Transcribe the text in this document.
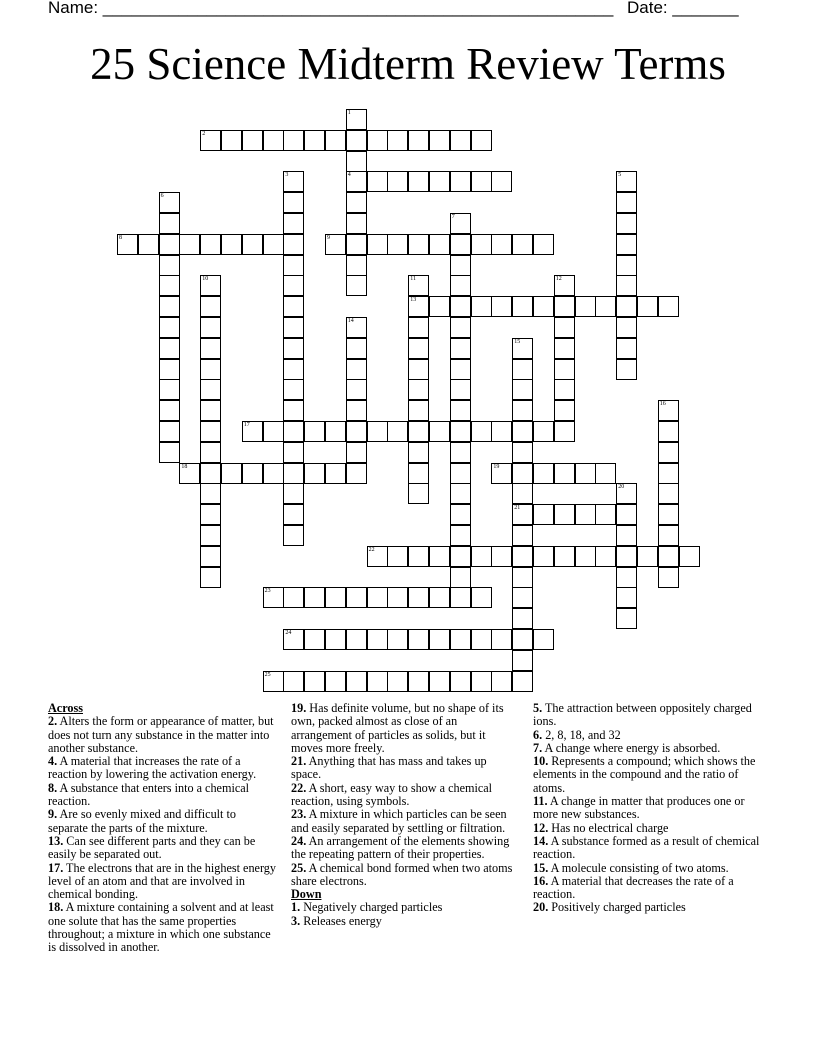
Name: ______________________________________________________ Date: _______
25 Science Midterm Review Terms
1
4
2
3	5
6
7
8	9
10	11
13
12
14
15
21
16
17
18	19
20
22
23
24
25
Across

2. Alters the form or appearance of matter, but does not turn any substance in the matter into another substance.

4. A material that increases the rate of a reaction by lowering the activation energy.

8. A substance that enters into a chemical reaction.

9. Are so evenly mixed and difficult to separate the parts of the mixture.

13. Can see different parts and they can be easily be separated out.

17. The electrons that are in the highest energy level of an atom and that are involved in chemical bonding.

18. A mixture containing a solvent and at least one solute that has the same properties throughout; a mixture in which one substance is dissolved in another.

19. Has definite volume, but no shape of its own, packed almost as close of an arrangement of particles as solids, but it moves more freely.

21. Anything that has mass and takes up space.

22. A short, easy way to show a chemical reaction, using symbols.

23. A mixture in which particles can be seen and easily separated by settling or filtration.

24. An arrangement of the elements showing the repeating pattern of their properties.

25. A chemical bond formed when two atoms share electrons.

Down

1. Negatively charged particles

3. Releases energy

5. The attraction between oppositely charged ions.

6. 2, 8, 18, and 32

7. A change where energy is absorbed.

10. Represents a compound; which shows the elements in the compound and the ratio of atoms.

11. A change in matter that produces one or more new substances.

12. Has no electrical charge

14. A substance formed as a result of chemical reaction.

15. A molecule consisting of two atoms.

16. A material that decreases the rate of a reaction.

20. Positively charged particles
